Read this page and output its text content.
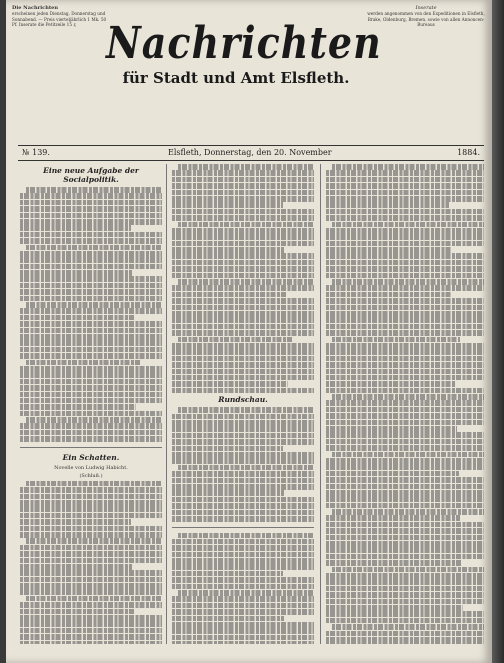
Die Nachrichten
erscheinen jeden Dienstag, Donnerstag und Sonnabend. — Preis vierteljährlich 1 Mk. 50 Pf. Inserate die Petitzeile 15 ₰
Inserate
werden angenommen von den Expeditionen in Elsfleth, Brake, Oldenburg, Bremen, sowie von allen Annoncen-Bureaus
Nachrichten
für Stadt und Amt Elsfleth.
№ 139.	Elsfleth, Donnerstag, den 20. November	1884.
Eine neue Aufgabe der Socialpolitik.
Ein Schatten.
Novelle von Ludwig Habicht.
(Schluß.)
Rundschau.
